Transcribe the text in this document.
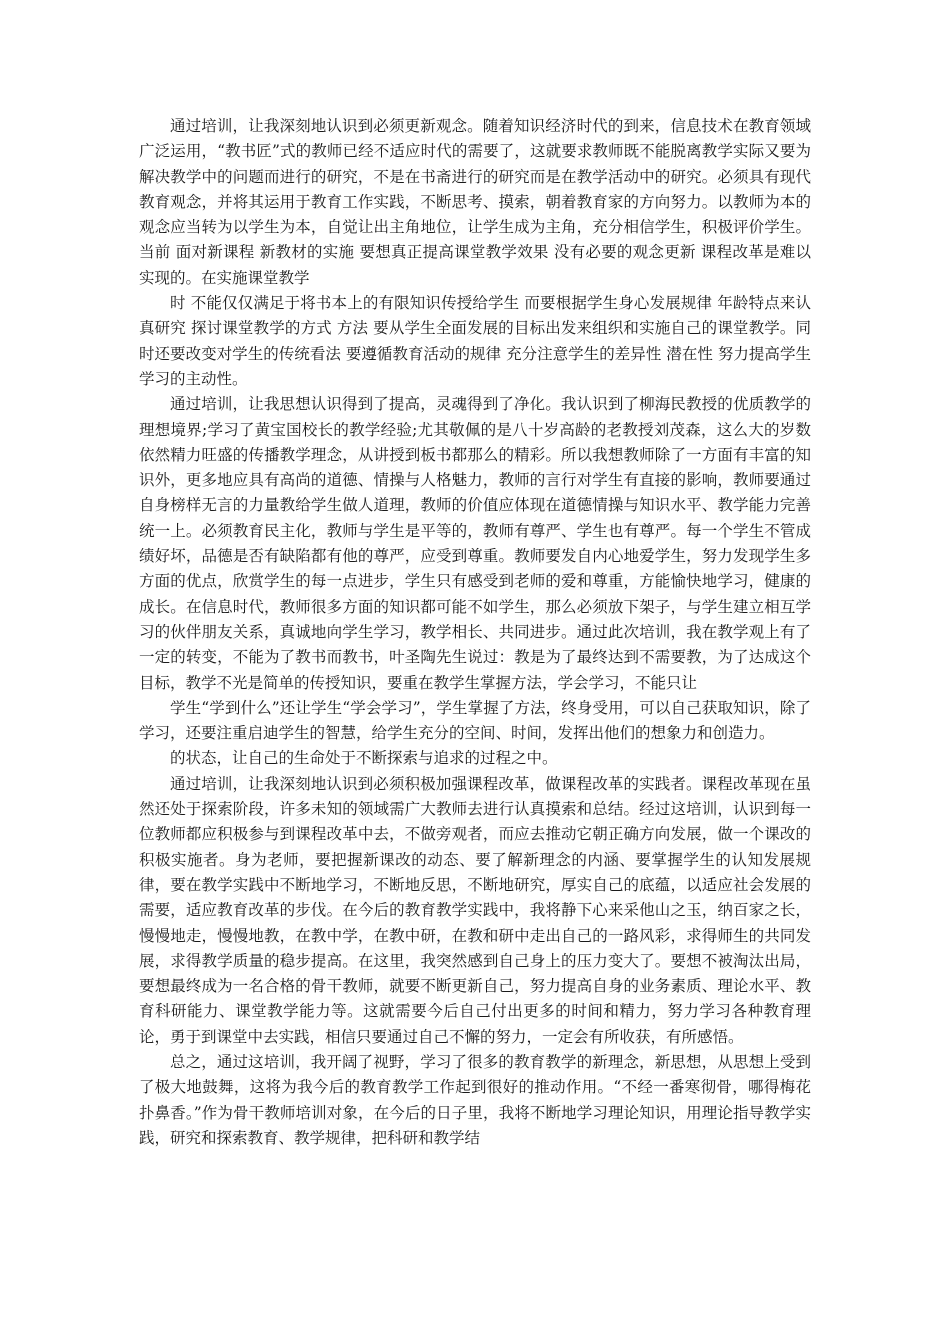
通过培训，让我深刻地认识到必须更新观念。随着知识经济时代的到来，信息技术在教育领域广泛运用，“教书匠”式的教师已经不适应时代的需要了，这就要求教师既不能脱离教学实际又要为解决教学中的问题而进行的研究，不是在书斋进行的研究而是在教学活动中的研究。必须具有现代教育观念，并将其运用于教育工作实践，不断思考、摸索，朝着教育家的方向努力。以教师为本的观念应当转为以学生为本，自觉让出主角地位，让学生成为主角，充分相信学生，积极评价学生。当前 面对新课程 新教材的实施 要想真正提高课堂教学效果 没有必要的观念更新 课程改革是难以实现的。在实施课堂教学

时 不能仅仅满足于将书本上的有限知识传授给学生 而要根据学生身心发展规律 年龄特点来认真研究 探讨课堂教学的方式 方法 要从学生全面发展的目标出发来组织和实施自己的课堂教学。同时还要改变对学生的传统看法 要遵循教育活动的规律 充分注意学生的差异性 潜在性 努力提高学生学习的主动性。

通过培训，让我思想认识得到了提高，灵魂得到了净化。我认识到了柳海民教授的优质教学的理想境界;学习了黄宝国校长的教学经验;尤其敬佩的是八十岁高龄的老教授刘茂森，这么大的岁数依然精力旺盛的传播教学理念，从讲授到板书都那么的精彩。所以我想教师除了一方面有丰富的知识外，更多地应具有高尚的道德、情操与人格魅力，教师的言行对学生有直接的影响，教师要通过自身榜样无言的力量教给学生做人道理，教师的价值应体现在道德情操与知识水平、教学能力完善统一上。必须教育民主化，教师与学生是平等的，教师有尊严、学生也有尊严。每一个学生不管成绩好坏，品德是否有缺陷都有他的尊严，应受到尊重。教师要发自内心地爱学生，努力发现学生多方面的优点，欣赏学生的每一点进步，学生只有感受到老师的爱和尊重，方能愉快地学习，健康的成长。在信息时代，教师很多方面的知识都可能不如学生，那么必须放下架子，与学生建立相互学习的伙伴朋友关系，真诚地向学生学习，教学相长、共同进步。通过此次培训，我在教学观上有了一定的转变，不能为了教书而教书，叶圣陶先生说过：教是为了最终达到不需要教，为了达成这个目标，教学不光是简单的传授知识，要重在教学生掌握方法，学会学习，不能只让

学生“学到什么”还让学生“学会学习”，学生掌握了方法，终身受用，可以自己获取知识，除了学习，还要注重启迪学生的智慧，给学生充分的空间、时间，发挥出他们的想象力和创造力。

的状态，让自己的生命处于不断探索与追求的过程之中。

通过培训，让我深刻地认识到必须积极加强课程改革，做课程改革的实践者。课程改革现在虽然还处于探索阶段，许多未知的领域需广大教师去进行认真摸索和总结。经过这培训，认识到每一位教师都应积极参与到课程改革中去，不做旁观者，而应去推动它朝正确方向发展，做一个课改的积极实施者。身为老师，要把握新课改的动态、要了解新理念的内涵、要掌握学生的认知发展规律，要在教学实践中不断地学习，不断地反思，不断地研究，厚实自己的底蕴，以适应社会发展的需要，适应教育改革的步伐。在今后的教育教学实践中，我将静下心来采他山之玉，纳百家之长，慢慢地走，慢慢地教，在教中学，在教中研，在教和研中走出自己的一路风彩，求得师生的共同发展，求得教学质量的稳步提高。在这里，我突然感到自己身上的压力变大了。要想不被淘汰出局，要想最终成为一名合格的骨干教师，就要不断更新自己，努力提高自身的业务素质、理论水平、教育科研能力、课堂教学能力等。这就需要今后自己付出更多的时间和精力，努力学习各种教育理论，勇于到课堂中去实践，相信只要通过自己不懈的努力，一定会有所收获，有所感悟。

总之，通过这培训，我开阔了视野，学习了很多的教育教学的新理念，新思想，从思想上受到了极大地鼓舞，这将为我今后的教育教学工作起到很好的推动作用。“不经一番寒彻骨，哪得梅花扑鼻香。”作为骨干教师培训对象，在今后的日子里，我将不断地学习理论知识，用理论指导教学实践，研究和探索教育、教学规律，把科研和教学结
